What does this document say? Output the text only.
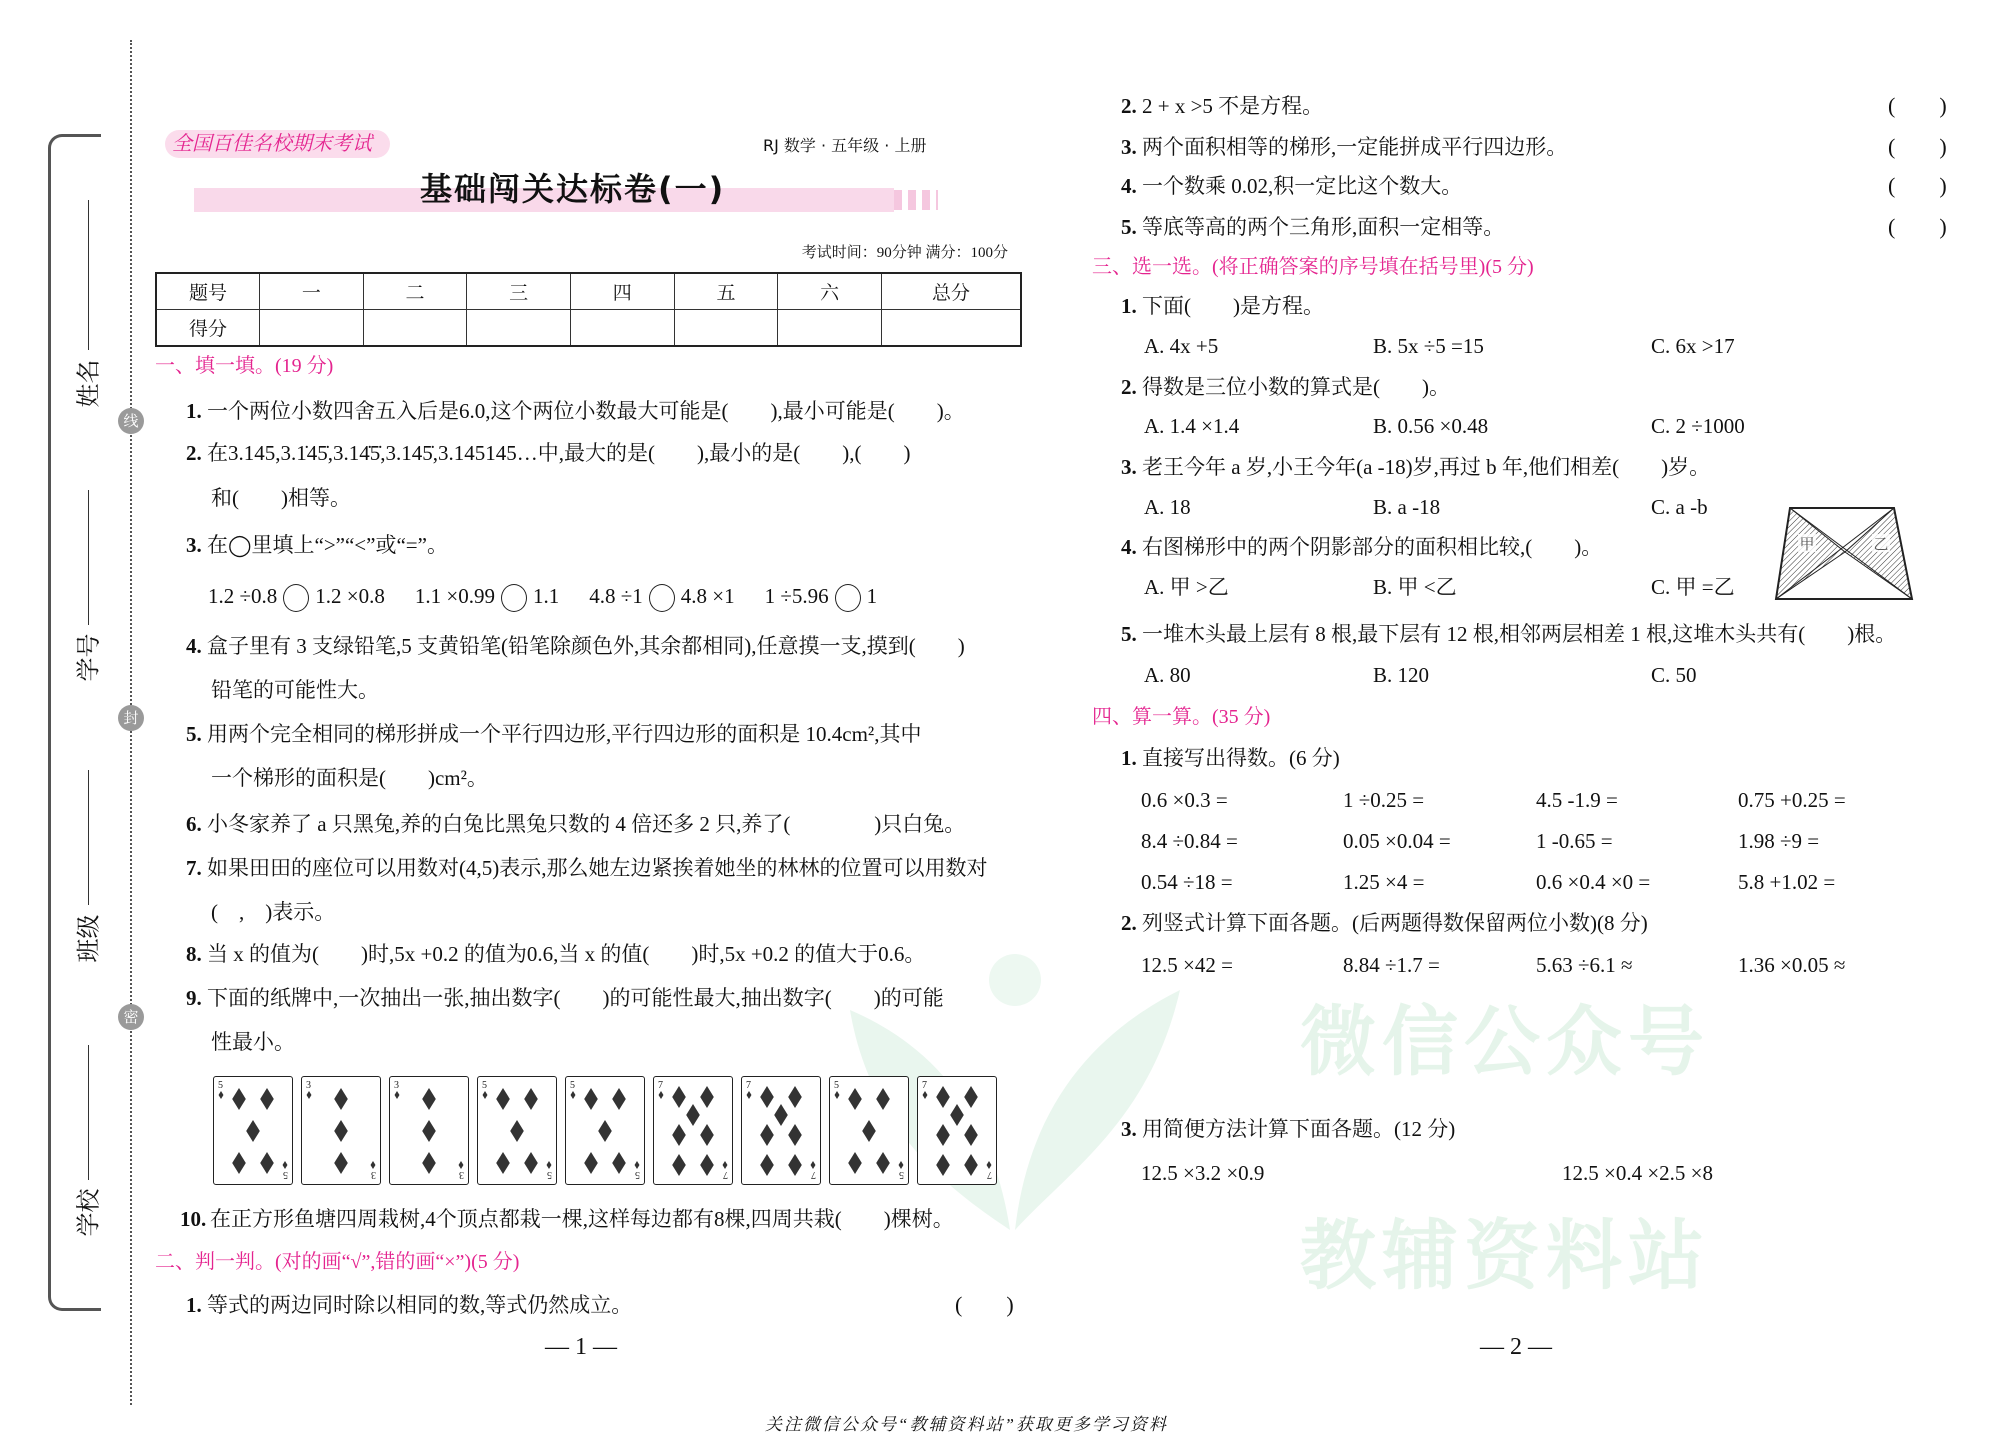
微信公众号
教辅资料站
姓名
学号
班级
学校
线
封
密
全国百佳名校期末考试	RJ 数学 · 五年级 · 上册
基础闯关达标卷(一)
考试时间：90分钟 满分：100分
题号	一	二	三	四	五	六	总分
得分							
一、填一填。(19 分)
1. 一个两位小数四舍五入后是6.0,这个两位小数最大可能是(　　),最小可能是(　　)。
2. 在3.145,3.1̇45̇,3.14̇5̇,3.145̇,3.145145…中,最大的是(　　),最小的是(　　),(　　)
和(　　)相等。
3. 在◯里填上“>”“<”或“=”。
1.2 ÷0.8 1.2 ×0.8 1.1 ×0.99 1.1 4.8 ÷1 4.8 ×1 1 ÷5.96 1
4. 盒子里有 3 支绿铅笔,5 支黄铅笔(铅笔除颜色外,其余都相同),任意摸一支,摸到(　　)
铅笔的可能性大。
5. 用两个完全相同的梯形拼成一个平行四边形,平行四边形的面积是 10.4cm²,其中
一个梯形的面积是(　　)cm²。
6. 小冬家养了 a 只黑兔,养的白兔比黑兔只数的 4 倍还多 2 只,养了(　　　　)只白兔。
7. 如果田田的座位可以用数对(4,5)表示,那么她左边紧挨着她坐的林林的位置可以用数对
(　,　)表示。
8. 当 x 的值为(　　)时,5x +0.2 的值为0.6,当 x 的值(　　)时,5x +0.2 的值大于0.6。
9. 下面的纸牌中,一次抽出一张,抽出数字(　　)的可能性最大,抽出数字(　　)的可能
性最小。
5
5
3
3
3
3
5
5
5
5
7
7
7
7
5
5
7
7
10. 在正方形鱼塘四周栽树,4个顶点都栽一棵,这样每边都有8棵,四周共栽(　　)棵树。
二、判一判。(对的画“√”,错的画“×”)(5 分)
1. 等式的两边同时除以相同的数,等式仍然成立。	(　　)
— 1 —
2. 2 + x >5 不是方程。	(　　)
3. 两个面积相等的梯形,一定能拼成平行四边形。	(　　)
4. 一个数乘 0.02,积一定比这个数大。	(　　)
5. 等底等高的两个三角形,面积一定相等。	(　　)
三、选一选。(将正确答案的序号填在括号里)(5 分)
1. 下面(　　)是方程。
A. 4x +5	B. 5x ÷5 =15	C. 6x >17
2. 得数是三位小数的算式是(　　)。
A. 1.4 ×1.4	B. 0.56 ×0.48	C. 2 ÷1000
3. 老王今年 a 岁,小王今年(a -18)岁,再过 b 年,他们相差(　　)岁。
A. 18	B. a -18	C. a -b
4. 右图梯形中的两个阴影部分的面积相比较,(　　)。
A. 甲 >乙	B. 甲 <乙	C. 甲 =乙
甲	乙
5. 一堆木头最上层有 8 根,最下层有 12 根,相邻两层相差 1 根,这堆木头共有(　　)根。
A. 80	B. 120	C. 50
四、算一算。(35 分)
1. 直接写出得数。(6 分)
0.6 ×0.3 =	1 ÷0.25 =	4.5 -1.9 =	0.75 +0.25 =
8.4 ÷0.84 =	0.05 ×0.04 =	1 -0.65 =	1.98 ÷9 =
0.54 ÷18 =	1.25 ×4 =	0.6 ×0.4 ×0 =	5.8 +1.02 =
2. 列竖式计算下面各题。(后两题得数保留两位小数)(8 分)
12.5 ×42 =	8.84 ÷1.7 =	5.63 ÷6.1 ≈	1.36 ×0.05 ≈
3. 用简便方法计算下面各题。(12 分)
12.5 ×3.2 ×0.9	12.5 ×0.4 ×2.5 ×8
— 2 —
关注微信公众号“教辅资料站”获取更多学习资料
